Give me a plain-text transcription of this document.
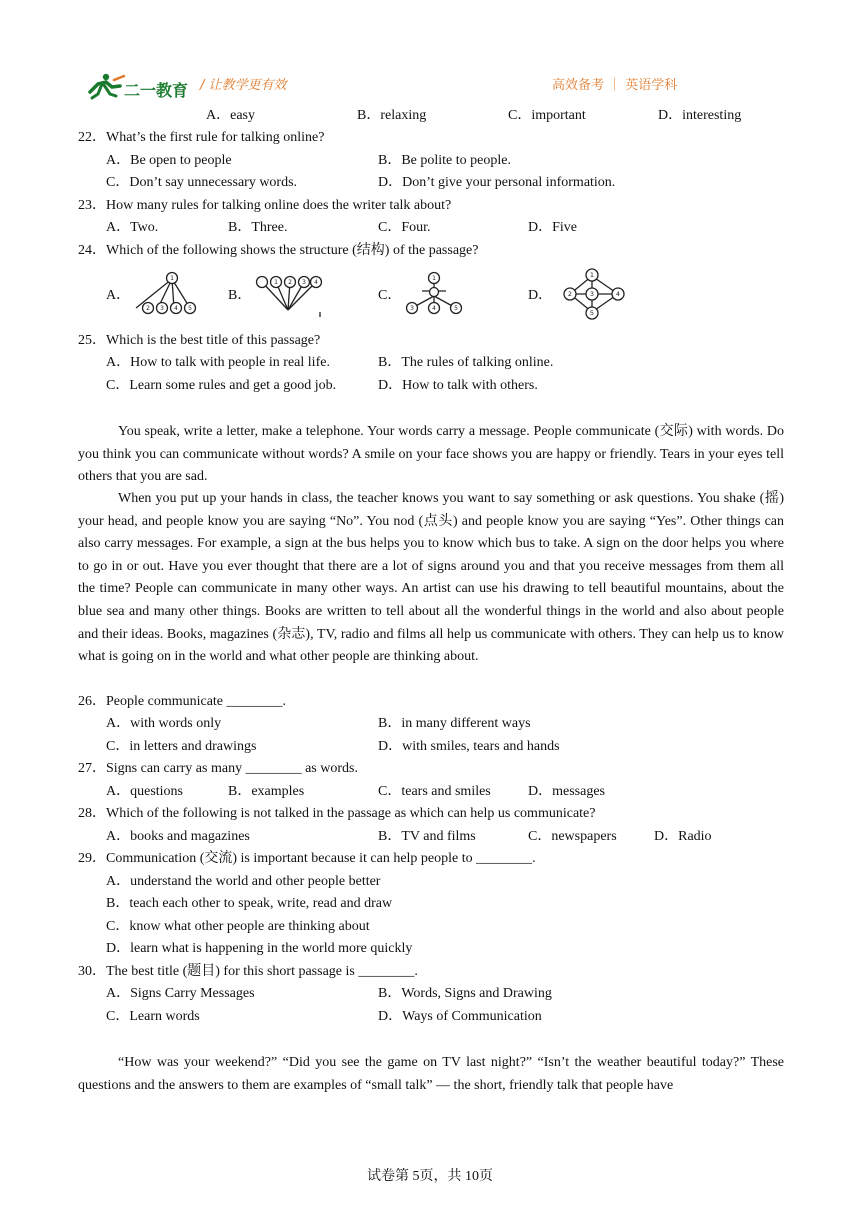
二一教育 / 让教学更有效	高效备考 ｜ 英语学科
A．easy	B．relaxing	C．important	D．interesting
22．What’s the first rule for talking online?
A．Be open to people	B．Be polite to people.
C．Don’t say unnecessary words.	D．Don’t give your personal information.
23．How many rules for talking online does the writer talk about?
A．Two.	B．Three.	C．Four.	D．Five
24．Which of the following shows the structure (结构) of the passage?
A．	B．	C．	D．
1
2 3 4 5
1 2 3 4
1
3	4	5
1
2	3	4
5
25．Which is the best title of this passage?
A．How to talk with people in real life.	B．The rules of talking online.
C．Learn some rules and get a good job.	D．How to talk with others.
You speak, write a letter, make a telephone. Your words carry a message. People communicate (交际) with words. Do you think you can communicate without words? A smile on your face shows you are happy or friendly. Tears in your eyes tell others that you are sad.
When you put up your hands in class, the teacher knows you want to say something or ask questions. You shake (摇) your head, and people know you are saying “No”. You nod (点头) and people know you are saying “Yes”. Other things can also carry messages. For example, a sign at the bus helps you to know which bus to take. A sign on the door helps you where to go in or out. Have you ever thought that there are a lot of signs around you and that you receive messages from them all the time? People can communicate in many other ways. An artist can use his drawing to tell beautiful mountains, about the blue sea and many other things. Books are written to tell about all the wonderful things in the world and also about people and their ideas. Books, magazines (杂志), TV, radio and films all help us communicate with others. They can help us to know what is going on in the world and what other people are thinking about.
26．People communicate ________.
A．with words only	B．in many different ways
C．in letters and drawings	D．with smiles, tears and hands
27．Signs can carry as many ________ as words.
A．questions	B．examples	C．tears and smiles	D．messages
28．Which of the following is not talked in the passage as which can help us communicate?
A．books and magazines	B．TV and films	C．newspapers	D．Radio
29．Communication (交流) is important because it can help people to ________.
A．understand the world and other people better
B．teach each other to speak, write, read and draw
C．know what other people are thinking about
D．learn what is happening in the world more quickly
30．The best title (题目) for this short passage is ________.
A．Signs Carry Messages	B．Words, Signs and Drawing
C．Learn words	D．Ways of Communication
“How was your weekend?” “Did you see the game on TV last night?” “Isn’t the weather beautiful today?” These questions and the answers to them are examples of “small talk” — the short, friendly talk that people have
试卷第 5页，共 10页
